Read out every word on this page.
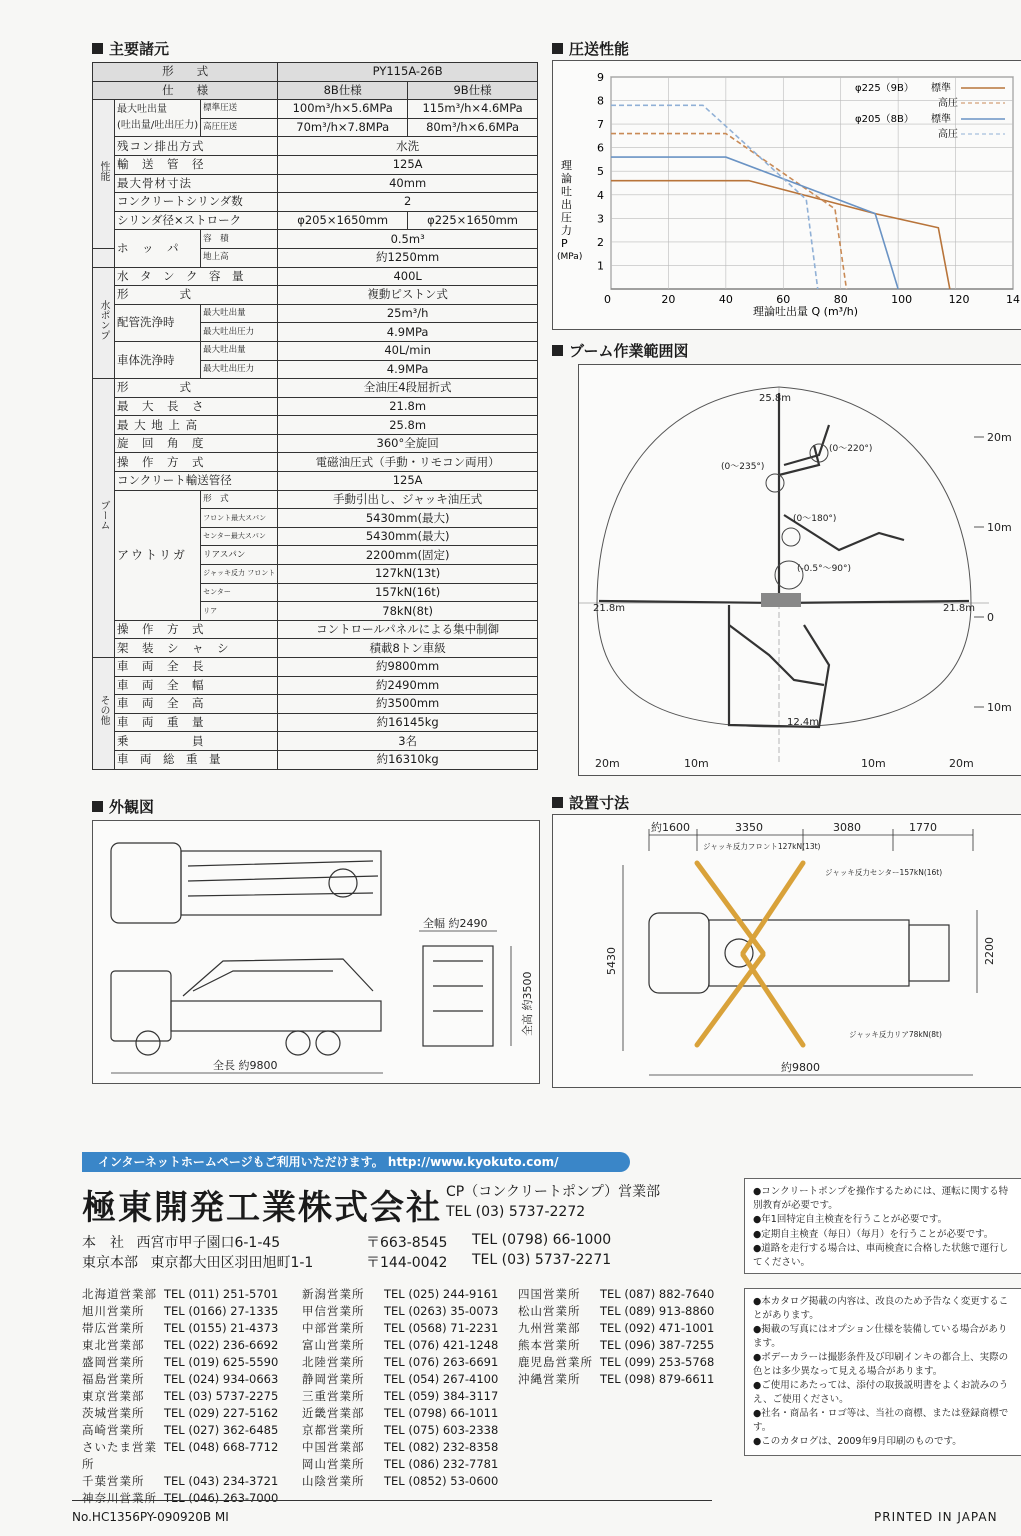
主要諸元
形　　式			PY115A-26B	
仕　　様			8B仕様	9B仕様
性能	最大吐出量
(吐出量/吐出圧力)	標準圧送	100m³/h×5.6MPa	115m³/h×4.6MPa
		高圧圧送	70m³/h×7.8MPa	80m³/h×6.6MPa
	残コン排出方式		水洗	
	輸　送　管　径		125A	
	最大骨材寸法		40mm	
	コンクリートシリンダ数		2	
	シリンダ径×ストローク		φ205×1650mm	φ225×1650mm
	ホ　ッ　パ	容　積	0.5m³	
		地上高	約1250mm	
水ポンプ	水　タ　ン　ク　容　量		400L	
	形　　　　式		複動ピストン式	
	配管洗浄時	最大吐出量	25m³/h	
		最大吐出圧力	4.9MPa	
	車体洗浄時	最大吐出量	40L/min	
		最大吐出圧力	4.9MPa	
ブーム	形　　　　式		全油圧4段屈折式	
	最　大　長　さ		21.8m	
	最 大 地 上 高		25.8m	
	旋　回　角　度		360°全旋回	
	操　作　方　式		電磁油圧式（手動・リモコン両用）	
	コンクリート輸送管径		125A	
	アウトリガ	形　式	手動引出し、ジャッキ油圧式	
		フロント最大スパン	5430mm(最大)	
		センター最大スパン	5430mm(最大)	
		リアスパン	2200mm(固定)	
		ジャッキ反力 フロント	127kN(13t)	
		センター	157kN(16t)	
		リア	78kN(8t)	
	操　作　方　式		コントロールパネルによる集中制御	
	架　装　シ　ャ　シ		積載8トン車級	
その他	車　両　全　長		約9800mm	
	車　両　全　幅		約2490mm	
	車　両　全　高		約3500mm	
	車　両　重　量		約16145kg	
	乗　　　　　員		3名	
	車　両　総　重　量		約16310kg	
圧送性能
理論吐出圧力 P
(MPa)
理論吐出量 Q (m³/h)
1
2
3
4
5
6
7
8
9
0	20	40	60	80	100	120	14
φ225（9B） 標準
高圧
φ205（8B） 標準
高圧
ブーム作業範囲図
25.8m
21.8m	21.8m
12.4m
(0〜220°)
(0〜235°)
(0〜180°)
(-0.5°〜90°)
20m
10m
0
10m
20m	10m	10m	20m
外観図
全幅 約2490
全高 約3500
全長 約9800
設置寸法
約1600	3350	3080	1770
5430	2200
約9800
ジャッキ反力フロント127kN(13t)
ジャッキ反力センター157kN(16t)
ジャッキ反力リア78kN(8t)
インターネットホームページもご利用いただけます。 http://www.kyokuto.com/
極東開発工業株式会社 CP（コンクリートポンプ）営業部
TEL (03) 5737-2272
本　社 西宮市甲子園口6-1-45	〒663-8545 TEL (0798) 66-1000
東京本部 東京都大田区羽田旭町1-1	〒144-0042 TEL (03) 5737-2271
北海道営業部 TEL (011) 251-5701
旭川営業所	TEL (0166) 27-1335
帯広営業所	TEL (0155) 21-4373
東北営業部	TEL (022) 236-6692
盛岡営業所	TEL (019) 625-5590
福島営業所	TEL (024) 934-0663
東京営業部	TEL (03) 5737-2275
茨城営業所	TEL (029) 227-5162
高崎営業所	TEL (027) 362-6485
さいたま営業所
TEL (048) 668-7712
千葉営業所	TEL (043) 234-3721
神奈川営業所 TEL (046) 263-7000
新潟営業所	TEL (025) 244-9161
甲信営業所	TEL (0263) 35-0073
中部営業所	TEL (0568) 71-2231
富山営業所	TEL (076) 421-1248
北陸営業所	TEL (076) 263-6691
静岡営業所	TEL (054) 267-4100
三重営業所	TEL (059) 384-3117
近畿営業部	TEL (0798) 66-1011
京都営業所	TEL (075) 603-2338
中国営業部	TEL (082) 232-8358
岡山営業所	TEL (086) 232-7781
山陰営業所	TEL (0852) 53-0600
四国営業所	TEL (087) 882-7640
松山営業所	TEL (089) 913-8860
九州営業部	TEL (092) 471-1001
熊本営業所	TEL (096) 387-7255
鹿児島営業所 TEL (099) 253-5768
沖縄営業所	TEL (098) 879-6611
●コンクリートポンプを操作するためには、運転に関する特別教育が必要です。
●年1回特定自主検査を行うことが必要です。
●定期自主検査（毎日）（毎月）を行うことが必要です。
●道路を走行する場合は、車両検査に合格した状態で運行してください。
●本カタログ掲載の内容は、改良のため予告なく変更することがあります。
●掲載の写真にはオプション仕様を装備している場合があります。
●ボデーカラーは撮影条件及び印刷インキの都合上、実際の色とは多少異なって見える場合があります。
●ご使用にあたっては、添付の取扱説明書をよくお読みのうえ、ご使用ください。
●社名・商品名・ロゴ等は、当社の商標、または登録商標です。
●このカタログは、2009年9月印刷のものです。
No.HC1356PY-090920B MI	PRINTED IN JAPAN
